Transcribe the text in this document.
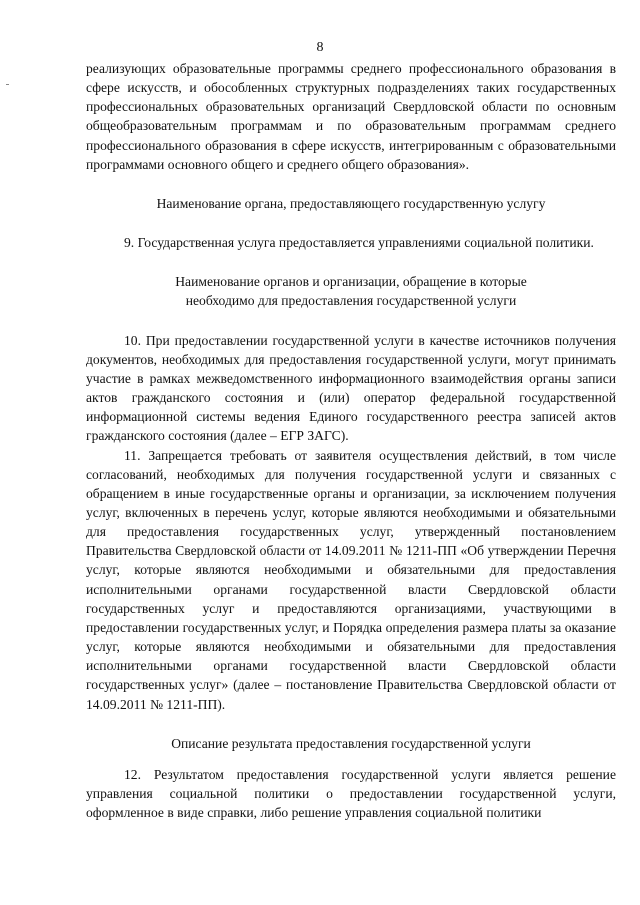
8

реализующих образовательные программы среднего профессионального образования в сфере искусств, и обособленных структурных подразделениях таких государственных профессиональных образовательных организаций Свердловской области по основным общеобразовательным программам и по образовательным программам среднего профессионального образования в сфере искусств, интегрированным с образовательными программами основного общего и среднего общего образования».

Наименование органа, предоставляющего государственную услугу

9. Государственная услуга предоставляется управлениями социальной политики.

Наименование органов и организации, обращение в которые
необходимо для предоставления государственной услуги

10. При предоставлении государственной услуги в качестве источников получения документов, необходимых для предоставления государственной услуги, могут принимать участие в рамках межведомственного информационного взаимодействия органы записи актов гражданского состояния и (или) оператор федеральной государственной информационной системы ведения Единого государственного реестра записей актов гражданского состояния (далее – ЕГР ЗАГС).

11. Запрещается требовать от заявителя осуществления действий, в том числе согласований, необходимых для получения государственной услуги и связанных с обращением в иные государственные органы и организации, за исключением получения услуг, включенных в перечень услуг, которые являются необходимыми и обязательными для предоставления государственных услуг, утвержденный постановлением Правительства Свердловской области от 14.09.2011 № 1211-ПП «Об утверждении Перечня услуг, которые являются необходимыми и обязательными для предоставления исполнительными органами государственной власти Свердловской области государственных услуг и предоставляются организациями, участвующими в предоставлении государственных услуг, и Порядка определения размера платы за оказание услуг, которые являются необходимыми и обязательными для предоставления исполнительными органами государственной власти Свердловской области государственных услуг» (далее – постановление Правительства Свердловской области от 14.09.2011 № 1211-ПП).

Описание результата предоставления государственной услуги

12. Результатом предоставления государственной услуги является решение управления социальной политики о предоставлении государственной услуги, оформленное в виде справки, либо решение управления социальной политики
